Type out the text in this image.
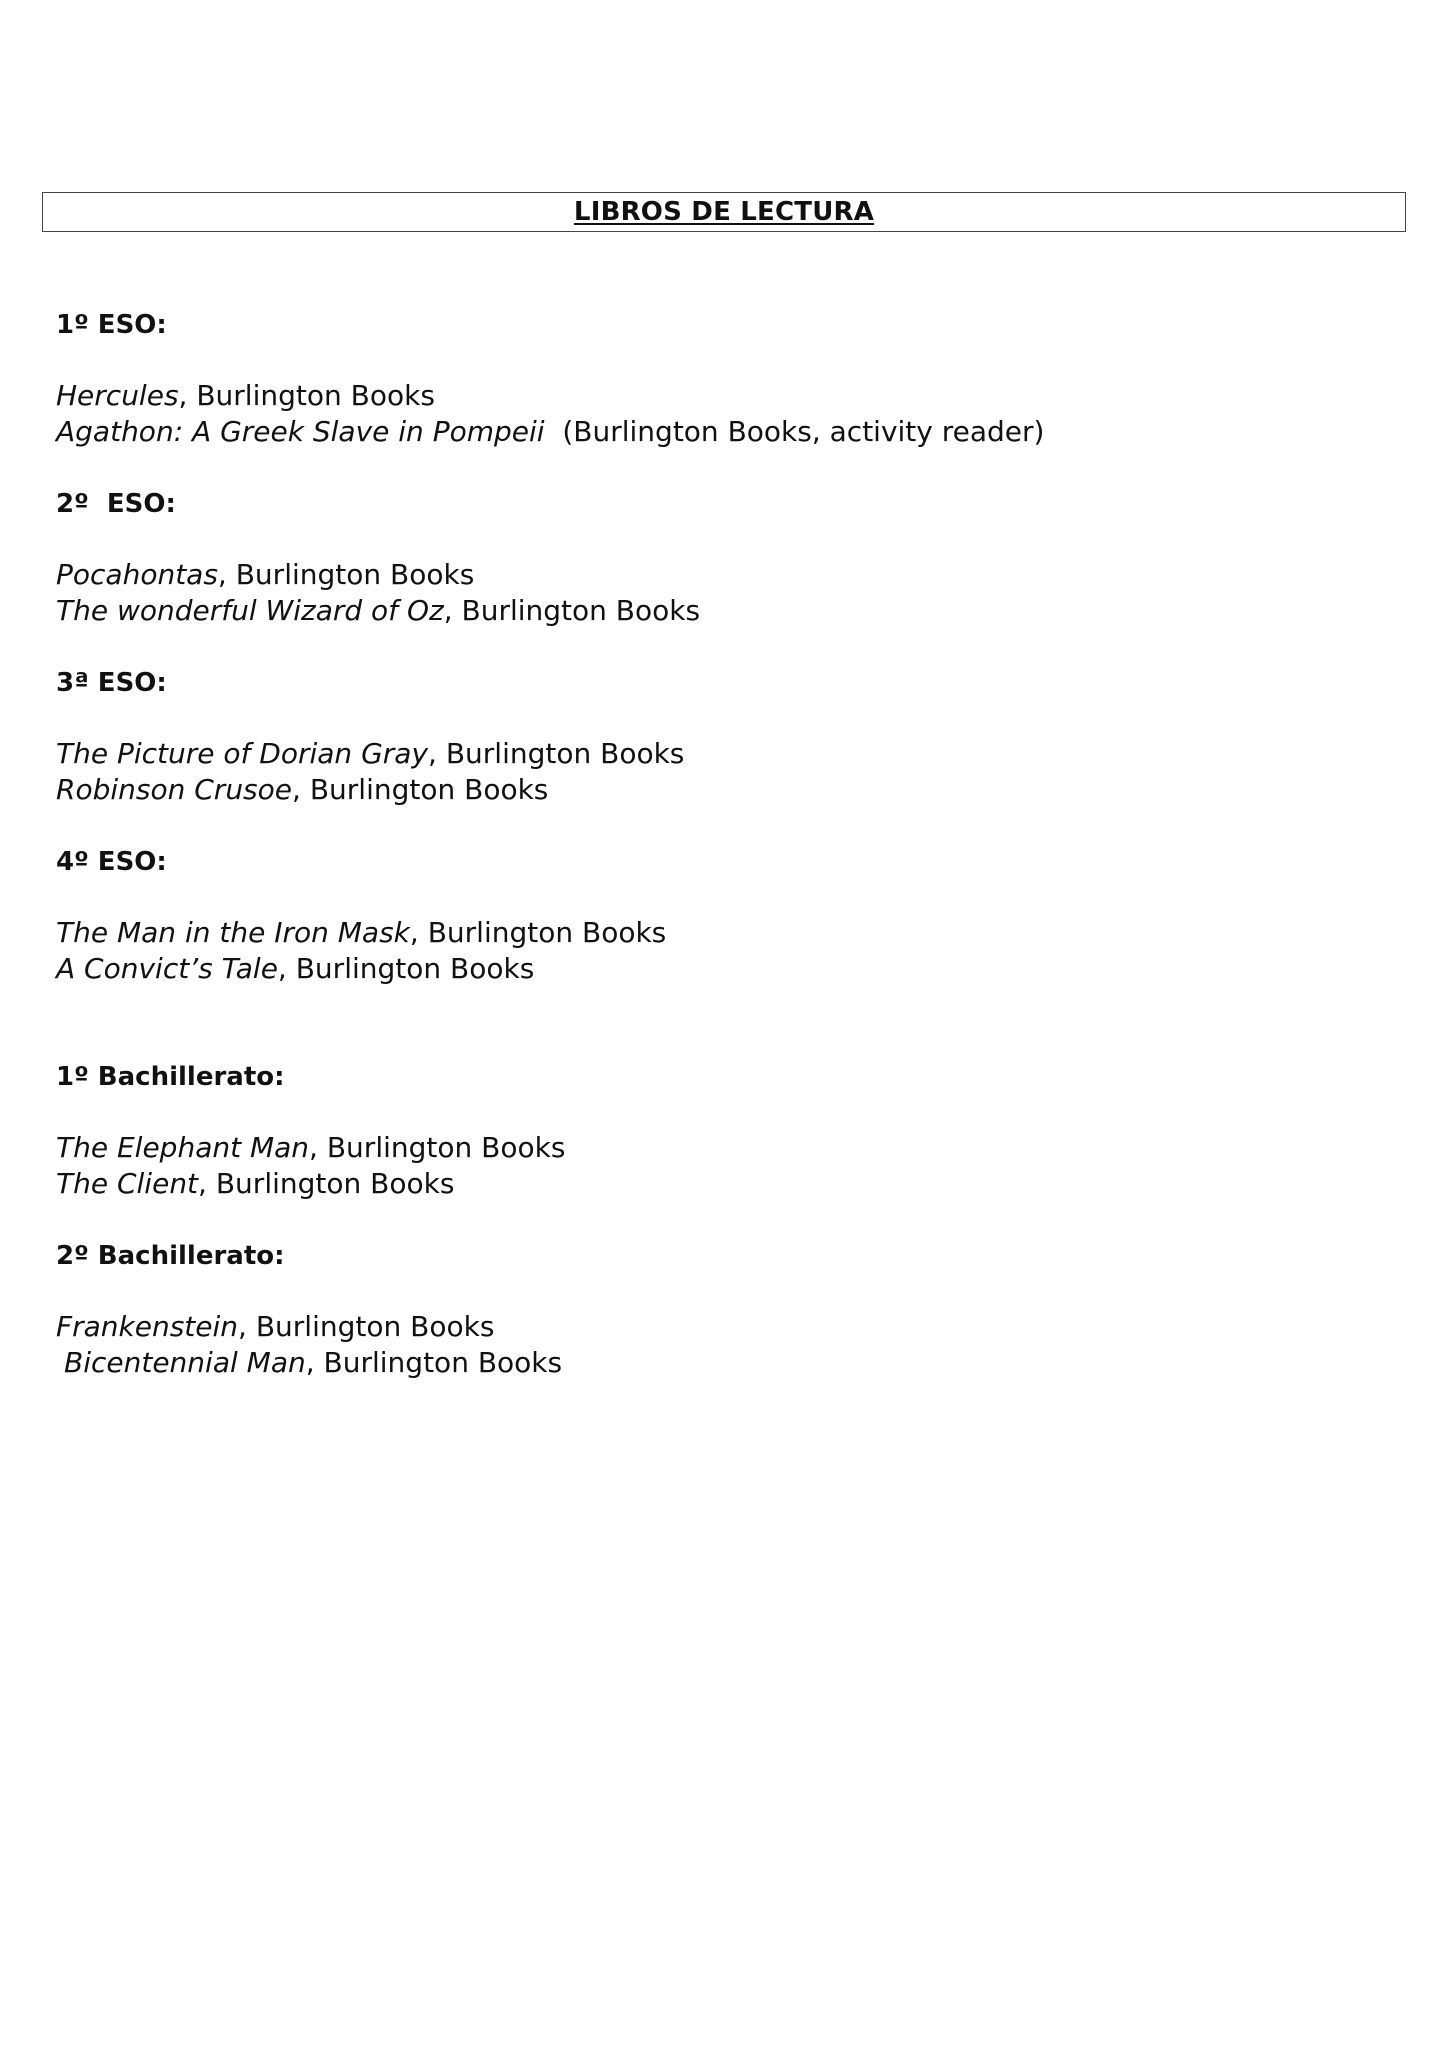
LIBROS DE LECTURA
1º ESO:
Hercules, Burlington Books
Agathon: A Greek Slave in Pompeii  (Burlington Books, activity reader)
2º  ESO:
Pocahontas, Burlington Books
The wonderful Wizard of Oz, Burlington Books
3ª ESO:
The Picture of Dorian Gray, Burlington Books
Robinson Crusoe, Burlington Books
4º ESO:
The Man in the Iron Mask, Burlington Books
A Convict’s Tale, Burlington Books
1º Bachillerato:
The Elephant Man, Burlington Books
The Client, Burlington Books
2º Bachillerato:
Frankenstein, Burlington Books
Bicentennial Man, Burlington Books
